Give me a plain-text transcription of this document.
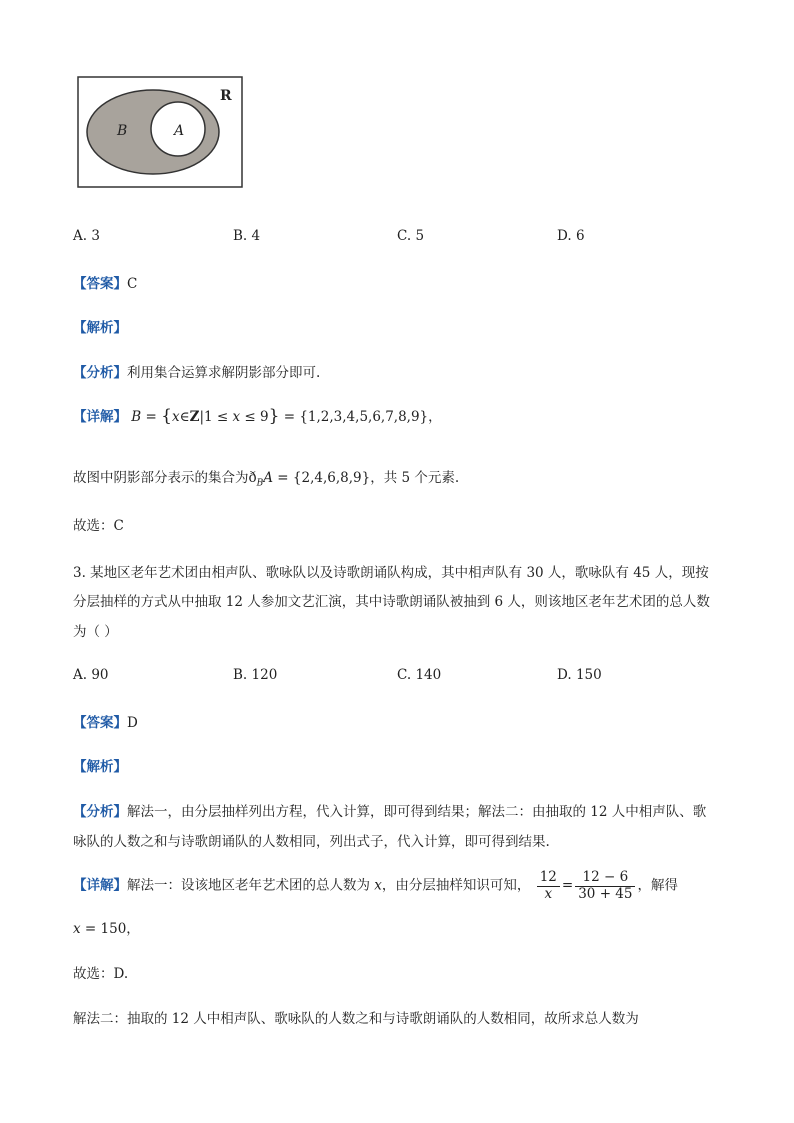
R
B	A
A. 3	B. 4	C. 5	D. 6
【答案】C
【解析】
【分析】利用集合运算求解阴影部分即可.
【详解】 B = {x∈Z|1 ≤ x ≤ 9} = {1,2,3,4,5,6,7,8,9}，
故图中阴影部分表示的集合为$ð_BA = \{2,4,6,8,9\}$，共 5 个元素.
故选：C
3. 某地区老年艺术团由相声队、歌咏队以及诗歌朗诵队构成，其中相声队有 30 人，歌咏队有 45 人，现按
分层抽样的方式从中抽取 12 人参加文艺汇演，其中诗歌朗诵队被抽到 6 人，则该地区老年艺术团的总人数
为（ ）
A. 90	B. 120	C. 140	D. 150
【答案】D
【解析】
【分析】解法一，由分层抽样列出方程，代入计算，即可得到结果；解法二：由抽取的 12 人中相声队、歌
咏队的人数之和与诗歌朗诵队的人数相同，列出式子，代入计算，即可得到结果.
【详解】解法一：设该地区老年艺术团的总人数为 x，由分层抽样知识可知， $\frac{12}{x} = \frac{12 - 6}{30 + 45}$ ，解得
x = 150，
故选：D.
解法二：抽取的 12 人中相声队、歌咏队的人数之和与诗歌朗诵队的人数相同，故所求总人数为
